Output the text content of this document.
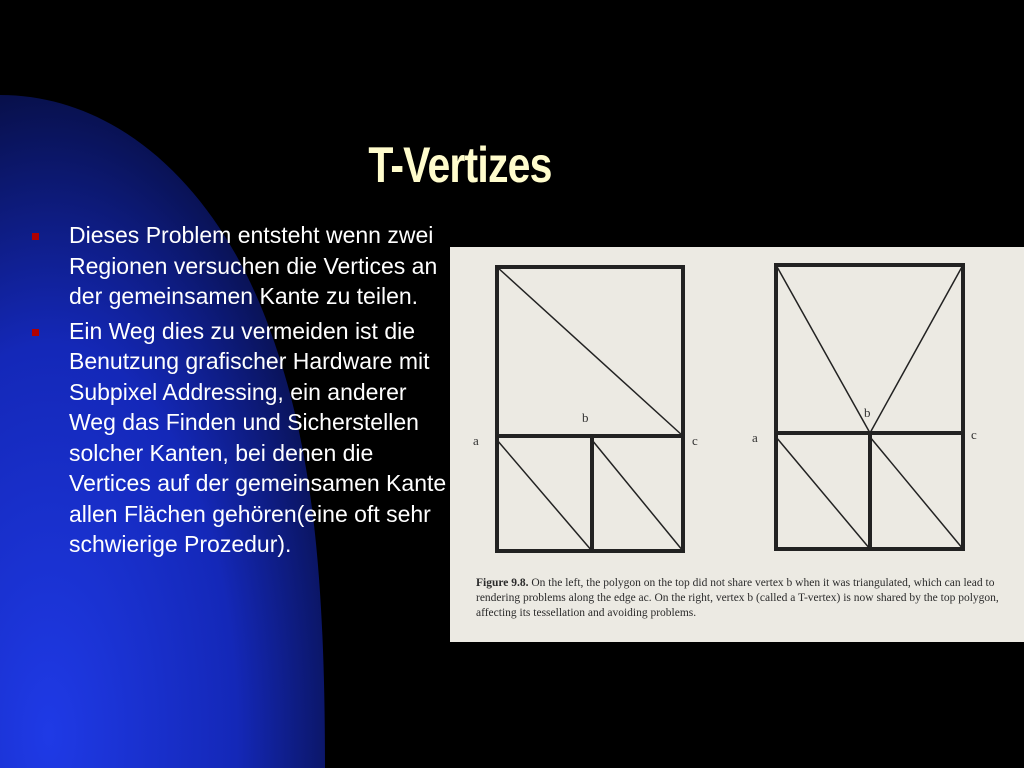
T-Vertizes
Dieses Problem entsteht wenn zwei Regionen versuchen die Vertices an der gemeinsamen Kante zu teilen.
Ein Weg dies zu vermeiden ist die Benutzung grafischer Hardware mit Subpixel Addressing, ein anderer Weg das Finden und Sicherstellen solcher Kanten, bei denen die Vertices auf der gemeinsamen Kante allen Flächen gehören(eine oft sehr schwierige Prozedur).
a
b
c	a
b
c
Figure 9.8. On the left, the polygon on the top did not share vertex b when it was triangulated, which can lead to rendering problems along the edge ac. On the right, vertex b (called a T-vertex) is now shared by the top polygon, affecting its tessellation and avoiding problems.
